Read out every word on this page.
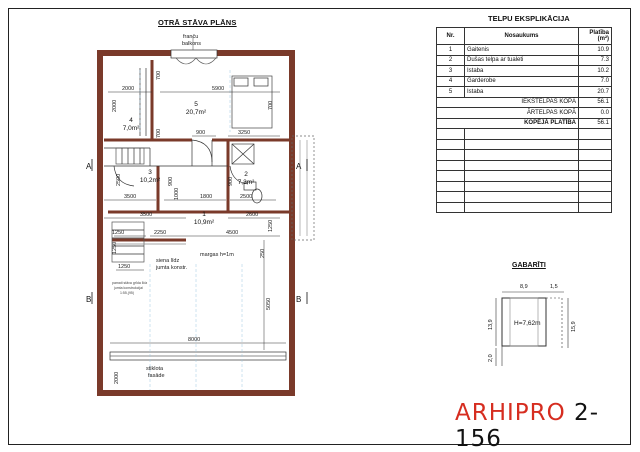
OTRĀ STĀVA PLĀNS
2000	5900
900	3250
3500	1800	2500
1000
3500	2600
2250	4500
1250
1250
1250
1250
2000
700
700
700
900	900
2500
250
5050
8000
2000
5
20,7m²
4
7,0m²
3
10,2m²
2
7,3m²
1
10,9m²
franču
balkons
siena līdz
jumta konstr.
margas h=1m
stiklota
fasāde
pamati stāva grīda līdz
jumta konstrukcijai
1:55,(95)
A	A
B	B
TELPU EKSPLIKĀCIJA
Nr.	Nosaukums	Platība (m²)
1	Gaitenis	10.9
2	Dušas telpa ar tualeti	7.3
3	Istaba	10.2
4	Garderobe	7.0
5	Istaba	20.7
IEKŠTELPAS KOPĀ		56.1
ĀRTELPAS KOPĀ		0.0
KOPĒJĀ PLATĪBA		56.1

GABARĪTI
8,9	1,5
13,9	15,9
2,0
H=7,62m
ARHIPRO 2-156
